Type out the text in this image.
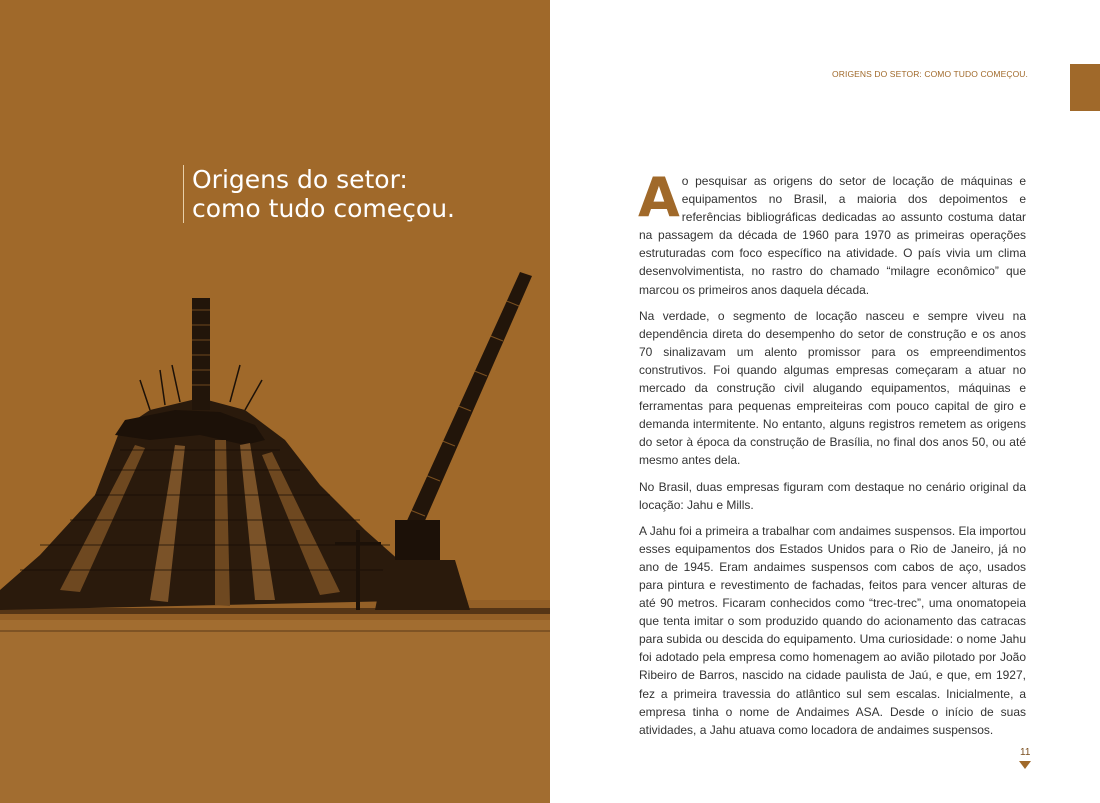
Origens do setor:
como tudo começou.
ORIGENS DO SETOR: COMO TUDO COMEÇOU.

Ao pesquisar as origens do setor de locação de máquinas e equipamentos no Brasil, a maioria dos depoimentos e referências bibliográficas dedicadas ao assunto costuma datar na passagem da década de 1960 para 1970 as primeiras operações estruturadas com foco específico na atividade. O país vivia um clima desenvolvimentista, no rastro do chamado “milagre econômico” que marcou os primeiros anos daquela década.

Na verdade, o segmento de locação nasceu e sempre viveu na dependência direta do desempenho do setor de construção e os anos 70 sinalizavam um alento promissor para os empreendimentos construtivos. Foi quando algumas empresas começaram a atuar no mercado da construção civil alugando equipamentos, máquinas e ferramentas para pequenas empreiteiras com pouco capital de giro e demanda intermitente. No entanto, alguns registros remetem as origens do setor à época da construção de Brasília, no final dos anos 50, ou até mesmo antes dela.

No Brasil, duas empresas figuram com destaque no cenário original da locação: Jahu e Mills.

A Jahu foi a primeira a trabalhar com andaimes suspensos. Ela importou esses equipamentos dos Estados Unidos para o Rio de Janeiro, já no ano de 1945. Eram andaimes suspensos com cabos de aço, usados para pintura e revestimento de fachadas, feitos para vencer alturas de até 90 metros. Ficaram conhecidos como “trec-trec”, uma onomatopeia que tenta imitar o som produzido quando do acionamento das catracas para subida ou descida do equipamento. Uma curiosidade: o nome Jahu foi adotado pela empresa como homenagem ao avião pilotado por João Ribeiro de Barros, nascido na cidade paulista de Jaú, e que, em 1927, fez a primeira travessia do atlântico sul sem escalas. Inicialmente, a empresa tinha o nome de Andaimes ASA. Desde o início de suas atividades, a Jahu atuava como locadora de andaimes suspensos.

11
